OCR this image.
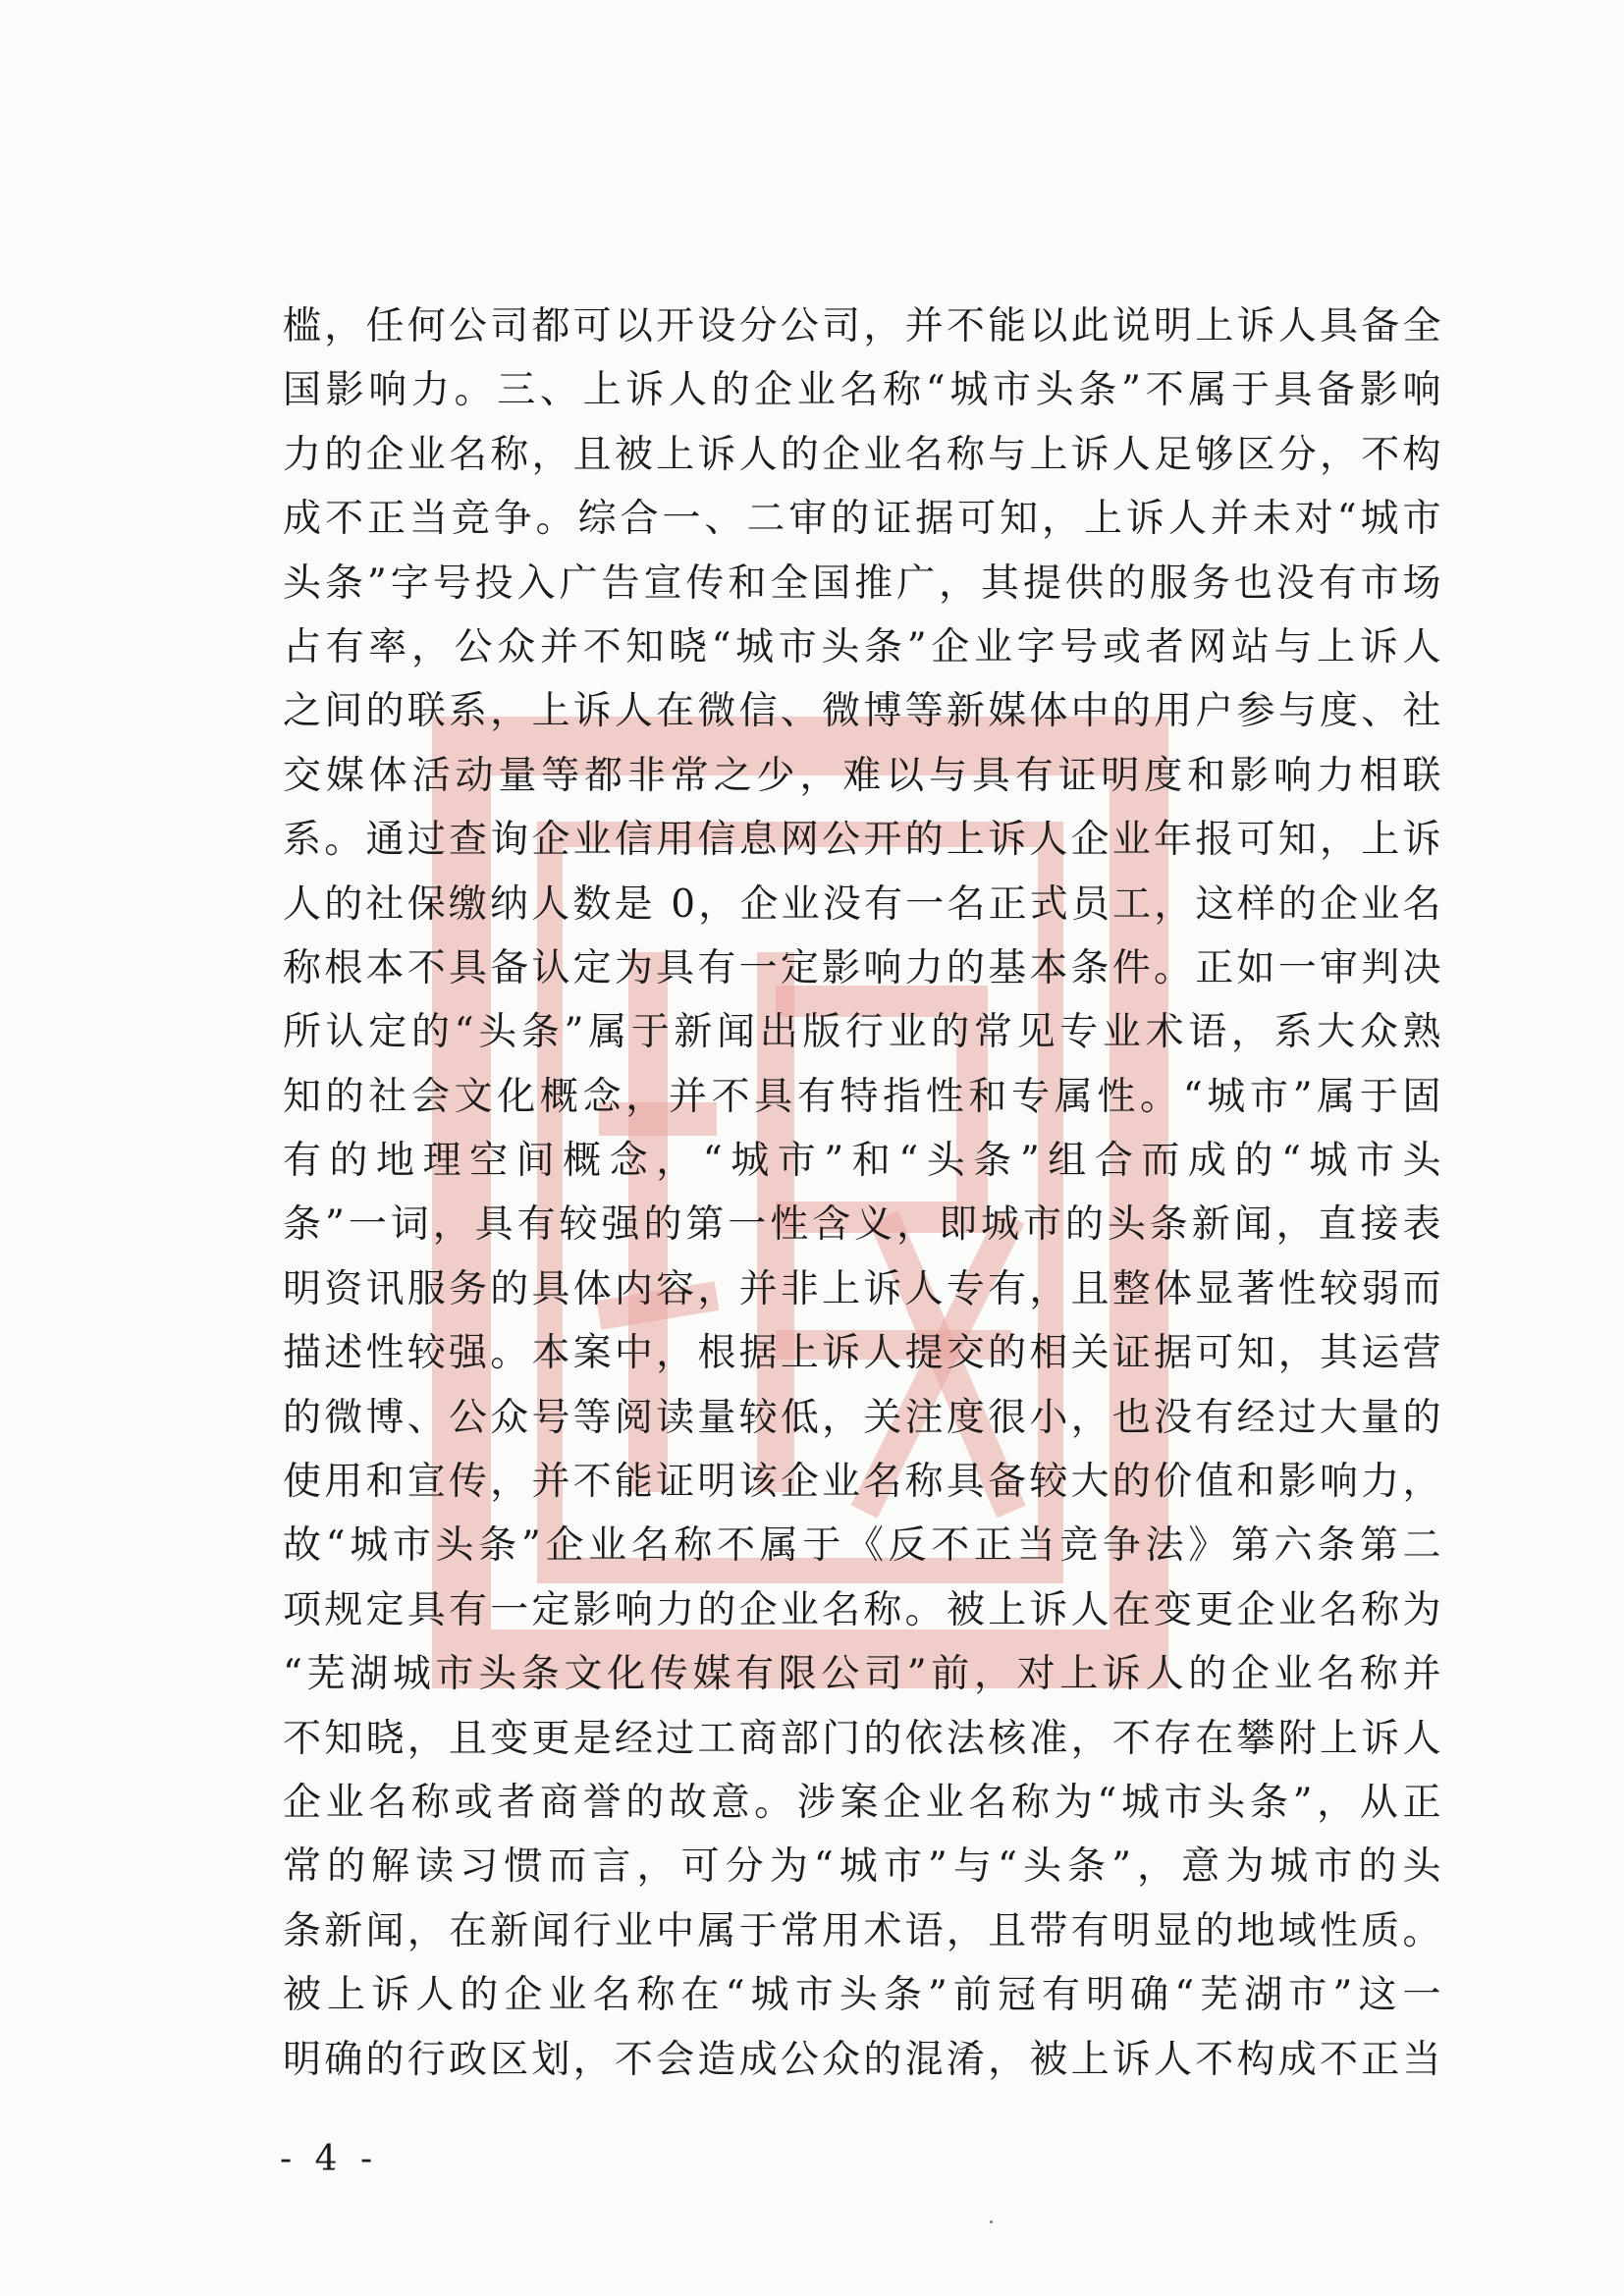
槛，任何公司都可以开设分公司，并不能以此说明上诉人具备全
国影响力。三、上诉人的企业名称“城市头条”不属于具备影响
力的企业名称，且被上诉人的企业名称与上诉人足够区分，不构
成不正当竞争。综合一、二审的证据可知，上诉人并未对“城市
头条”字号投入广告宣传和全国推广，其提供的服务也没有市场
占有率，公众并不知晓“城市头条”企业字号或者网站与上诉人
之间的联系，上诉人在微信、微博等新媒体中的用户参与度、社
交媒体活动量等都非常之少，难以与具有证明度和影响力相联
系。通过查询企业信用信息网公开的上诉人企业年报可知，上诉
人的社保缴纳人数是 0，企业没有一名正式员工，这样的企业名
称根本不具备认定为具有一定影响力的基本条件。正如一审判决
所认定的“头条”属于新闻出版行业的常见专业术语，系大众熟
知的社会文化概念，并不具有特指性和专属性。“城市”属于固
有的地理空间概念，“城市”和“头条”组合而成的“城市头
条”一词，具有较强的第一性含义，即城市的头条新闻，直接表
明资讯服务的具体内容，并非上诉人专有，且整体显著性较弱而
描述性较强。本案中，根据上诉人提交的相关证据可知，其运营
的微博、公众号等阅读量较低，关注度很小，也没有经过大量的
使用和宣传，并不能证明该企业名称具备较大的价值和影响力，
故“城市头条”企业名称不属于《反不正当竞争法》第六条第二
项规定具有一定影响力的企业名称。被上诉人在变更企业名称为
“芜湖城市头条文化传媒有限公司”前，对上诉人的企业名称并
不知晓，且变更是经过工商部门的依法核准，不存在攀附上诉人
企业名称或者商誉的故意。涉案企业名称为“城市头条”，从正
常的解读习惯而言，可分为“城市”与“头条”，意为城市的头
条新闻，在新闻行业中属于常用术语，且带有明显的地域性质。
被上诉人的企业名称在“城市头条”前冠有明确“芜湖市”这一
明确的行政区划，不会造成公众的混淆，被上诉人不构成不正当
- 4 -
